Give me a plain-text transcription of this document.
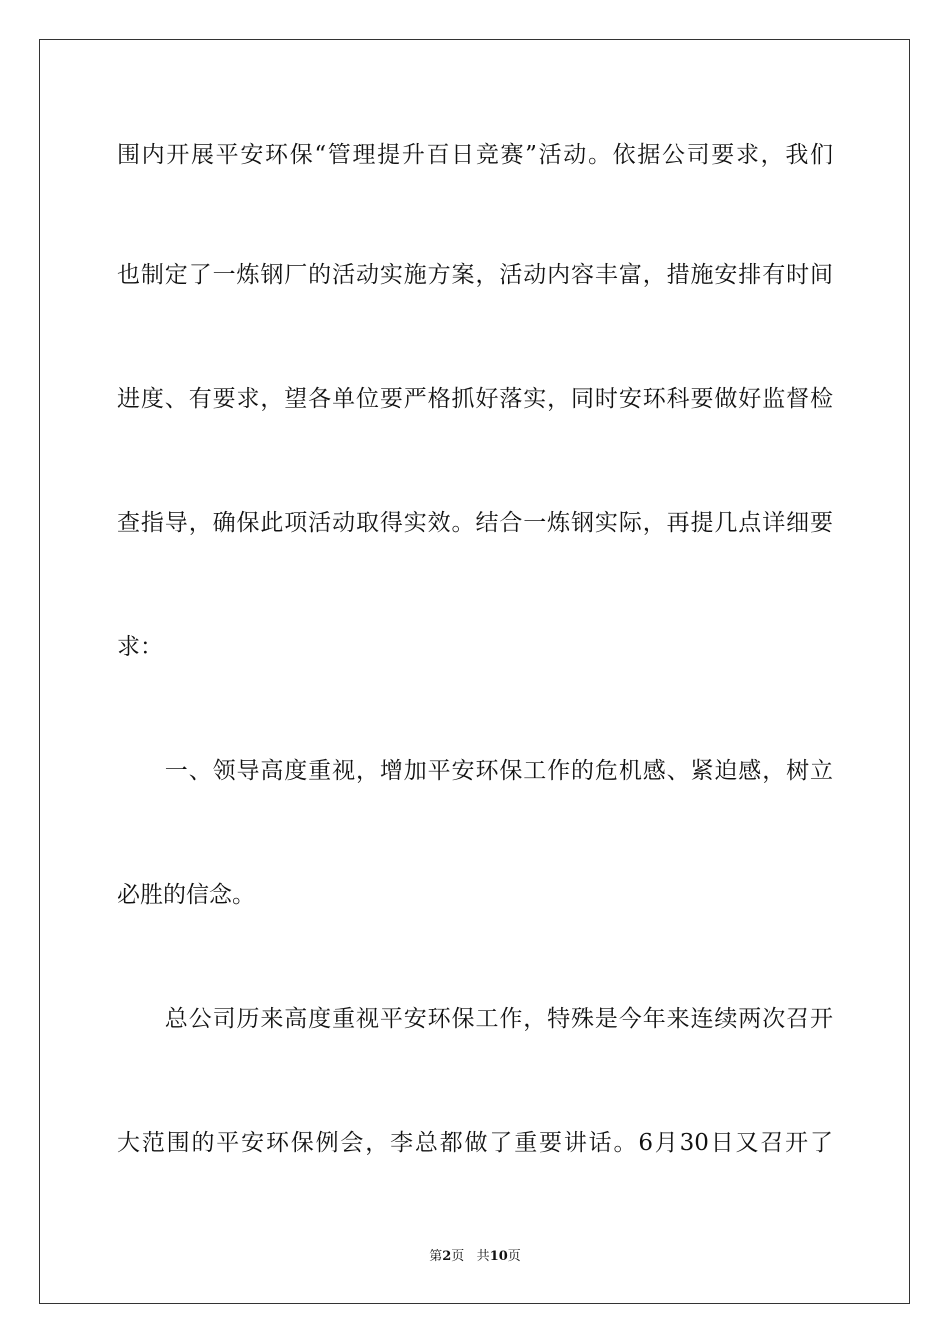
围内开展平安环保“管理提升百日竞赛”活动。依据公司要求，我们
也制定了一炼钢厂的活动实施方案，活动内容丰富，措施安排有时间
进度、有要求，望各单位要严格抓好落实，同时安环科要做好监督检
查指导，确保此项活动取得实效。结合一炼钢实际，再提几点详细要
求：
　　一、领导高度重视，增加平安环保工作的危机感、紧迫感，树立
必胜的信念。
　　总公司历来高度重视平安环保工作，特殊是今年来连续两次召开
大范围的平安环保例会，李总都做了重要讲话。6月30日又召开了
第2页 共10页
